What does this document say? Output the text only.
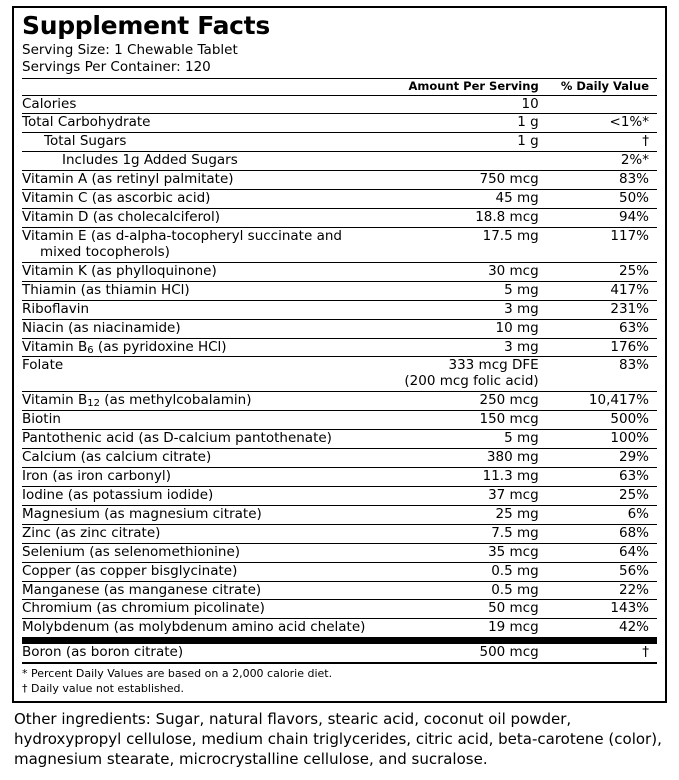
Supplement Facts
Serving Size: 1 Chewable Tablet
Servings Per Container: 120
	Amount Per Serving	% Daily Value
Calories	10	
Total Carbohydrate	1 g	<1%*
Total Sugars	1 g	†
Includes 1g Added Sugars		2%*
Vitamin A (as retinyl palmitate)	750 mcg	83%
Vitamin C (as ascorbic acid)	45 mg	50%
Vitamin D (as cholecalciferol)	18.8 mcg	94%

Vitamin E (as d-alpha-tocopheryl succinate and
mixed tocopherols)	17.5 mg	117%
Vitamin K (as phylloquinone)	30 mcg	25%
Thiamin (as thiamin HCl)	5 mg	417%
Riboflavin	3 mg	231%
Niacin (as niacinamide)	10 mg	63%
Vitamin B6 (as pyridoxine HCl)	3 mg	176%
Folate	333 mcg DFE
(200 mcg folic acid)	83%
Vitamin B12 (as methylcobalamin)	250 mcg	10,417%
Biotin	150 mcg	500%
Pantothenic acid (as D-calcium pantothenate)	5 mg	100%
Calcium (as calcium citrate)	380 mg	29%
Iron (as iron carbonyl)	11.3 mg	63%
Iodine (as potassium iodide)	37 mcg	25%
Magnesium (as magnesium citrate)	25 mg	6%
Zinc (as zinc citrate)	7.5 mg	68%
Selenium (as selenomethionine)	35 mcg	64%
Copper (as copper bisglycinate)	0.5 mg	56%
Manganese (as manganese citrate)	0.5 mg	22%
Chromium (as chromium picolinate)	50 mcg	143%
Molybdenum (as molybdenum amino acid chelate)	19 mcg	42%
Boron (as boron citrate)	500 mcg	†
* Percent Daily Values are based on a 2,000 calorie diet.
† Daily value not established.
Other ingredients: Sugar, natural flavors, stearic acid, coconut oil powder, hydroxypropyl cellulose, medium chain triglycerides, citric acid, beta-carotene (color), magnesium stearate, microcrystalline cellulose, and sucralose.
